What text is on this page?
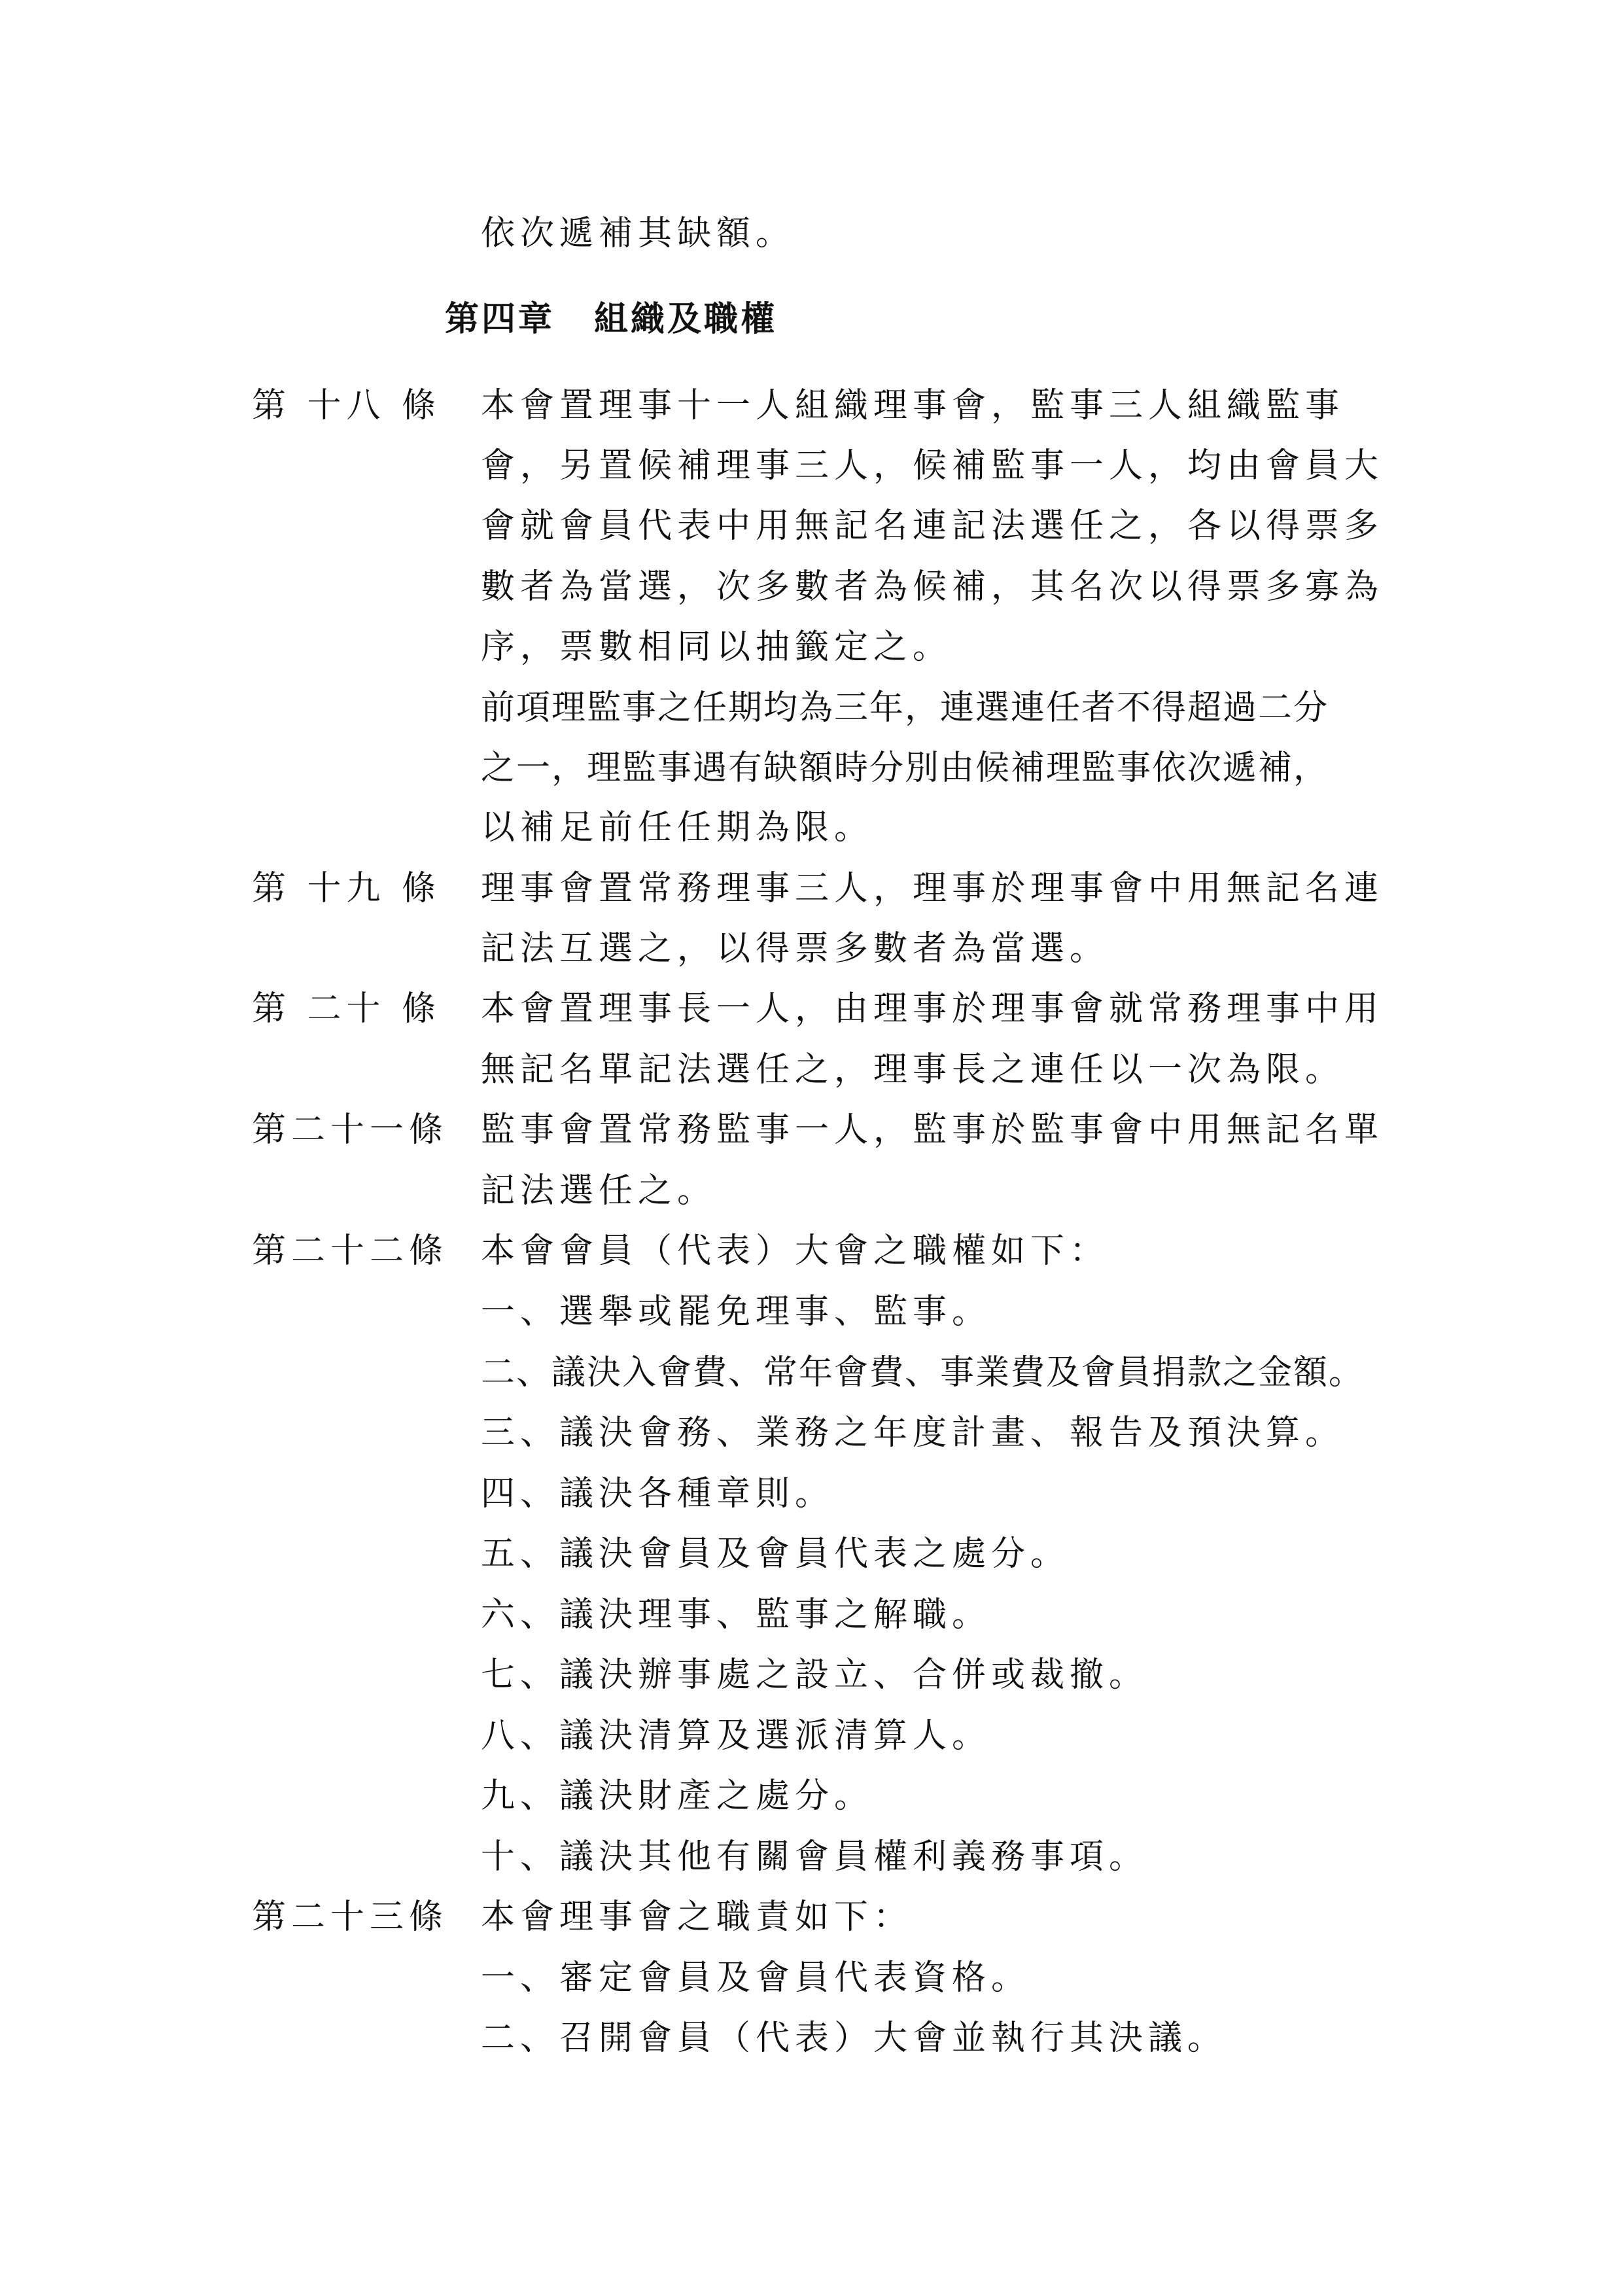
依次遞補其缺額。
第四章 組織及職權
第 十八 條 本會置理事十一人組織理事會，監事三人組織監事
會，另置候補理事三人，候補監事一人，均由會員大
會就會員代表中用無記名連記法選任之，各以得票多
數者為當選，次多數者為候補，其名次以得票多寡為
序，票數相同以抽籤定之。
前項理監事之任期均為三年，連選連任者不得超過二分
之一，理監事遇有缺額時分別由候補理監事依次遞補，
以補足前任任期為限。
第 十九 條 理事會置常務理事三人，理事於理事會中用無記名連
記法互選之，以得票多數者為當選。
第 二十 條 本會置理事長一人，由理事於理事會就常務理事中用
無記名單記法選任之，理事長之連任以一次為限。
第二十一條 監事會置常務監事一人，監事於監事會中用無記名單
記法選任之。
第二十二條 本會會員（代表）大會之職權如下：
一、選舉或罷免理事、監事。
二、議決入會費、常年會費、事業費及會員捐款之金額。
三、議決會務、業務之年度計畫、報告及預決算。
四、議決各種章則。
五、議決會員及會員代表之處分。
六、議決理事、監事之解職。
七、議決辦事處之設立、合併或裁撤。
八、議決清算及選派清算人。
九、議決財產之處分。
十、議決其他有關會員權利義務事項。
第二十三條 本會理事會之職責如下：
一、審定會員及會員代表資格。
二、召開會員（代表）大會並執行其決議。
